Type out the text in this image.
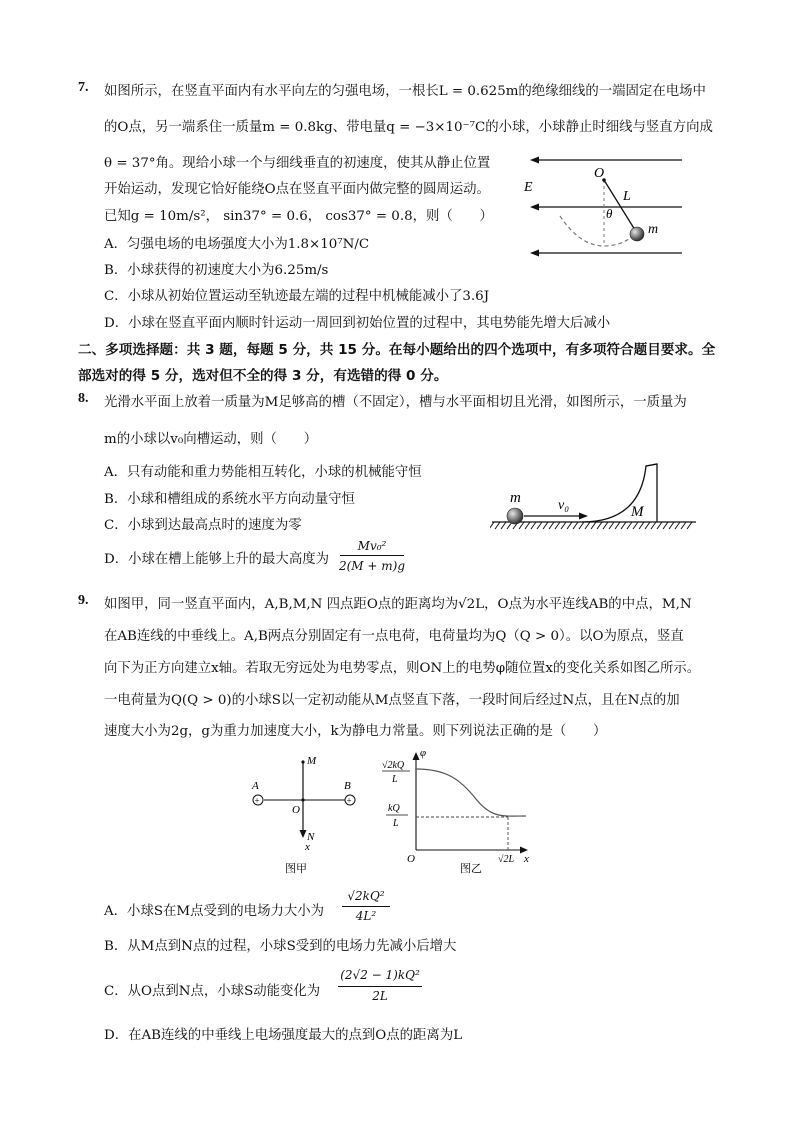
7. 如图所示，在竖直平面内有水平向左的匀强电场，一根长L = 0.625m的绝缘细线的一端固定在电场中
的O点，另一端系住一质量m = 0.8kg、带电量q = −3×10⁻⁷C的小球，小球静止时细线与竖直方向成
θ = 37°角。现给小球一个与细线垂直的初速度，使其从静止位置
开始运动，发现它恰好能绕O点在竖直平面内做完整的圆周运动。
已知g = 10m/s²， sin37° = 0.6， cos37° = 0.8，则（　　）
A．匀强电场的电场强度大小为1.8×10⁷N/C
B．小球获得的初速度大小为6.25m/s
C．小球从初始位置运动至轨迹最左端的过程中机械能减小了3.6J
D．小球在竖直平面内顺时针运动一周回到初始位置的过程中，其电势能先增大后减小
O
E
L
θ
m
二、多项选择题：共 3 题，每题 5 分，共 15 分。在每小题给出的四个选项中，有多项符合题目要求。全
部选对的得 5 分，选对但不全的得 3 分，有选错的得 0 分。
8. 光滑水平面上放着一质量为M足够高的槽（不固定），槽与水平面相切且光滑，如图所示，一质量为
m的小球以v₀向槽运动，则（　　）
A．只有动能和重力势能相互转化，小球的机械能守恒
B．小球和槽组成的系统水平方向动量守恒
C．小球到达最高点时的速度为零
D．小球在槽上能够上升的最大高度为
Mv₀²
2(M + m)g
m	v₀	M
9. 如图甲，同一竖直平面内，A,B,M,N 四点距O点的距离均为√2L，O点为水平连线AB的中点，M,N
在AB连线的中垂线上。A,B两点分别固定有一点电荷，电荷量均为Q（Q > 0）。以O为原点，竖直
向下为正方向建立x轴。若取无穷远处为电势零点，则ON上的电势φ随位置x的变化关系如图乙所示。
一电荷量为Q(Q > 0)的小球S以一定初动能从M点竖直下落，一段时间后经过N点，且在N点的加
速度大小为2g，g为重力加速度大小，k为静电力常量。则下列说法正确的是（　　）
+	+
A	B
M
O
N
x
图甲
φ
√2kQ
L
kQ
L
O	x
√2L
图乙
A．小球S在M点受到的电场力大小为
√2kQ²
4L²
B．从M点到N点的过程，小球S受到的电场力先减小后增大
C．从O点到N点，小球S动能变化为
(2√2 − 1)kQ²
2L
D．在AB连线的中垂线上电场强度最大的点到O点的距离为L
